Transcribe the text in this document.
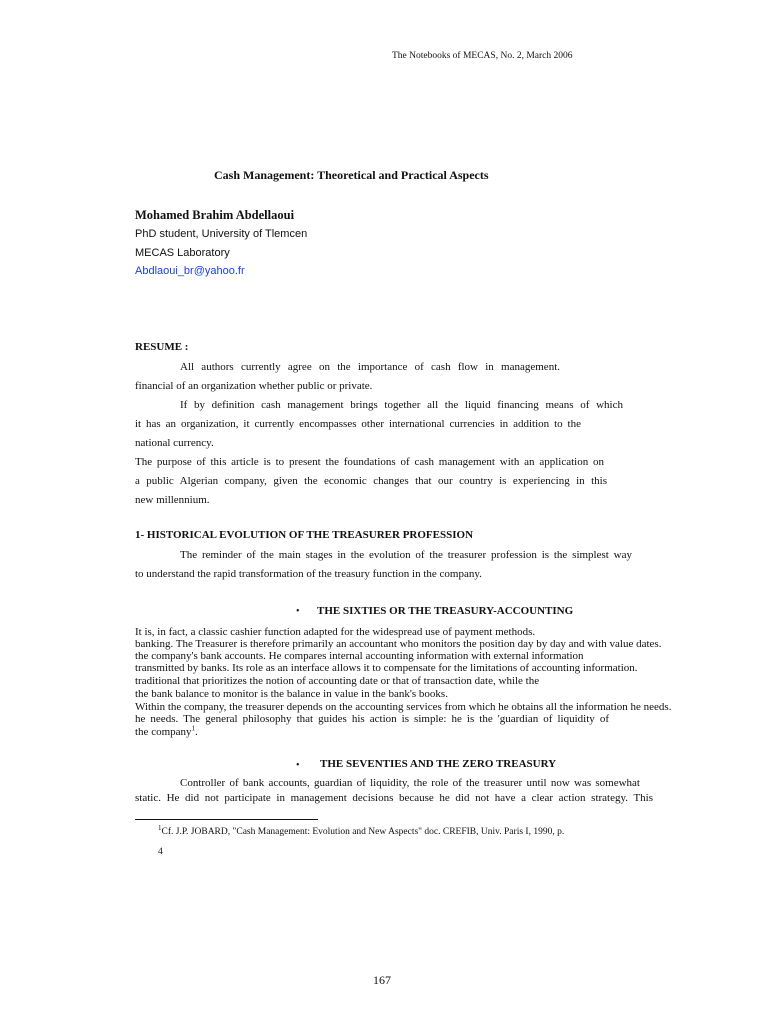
The Notebooks of MECAS, No. 2, March 2006
Cash Management: Theoretical and Practical Aspects
Mohamed Brahim Abdellaoui
PhD student, University of Tlemcen
MECAS Laboratory
Abdlaoui_br@yahoo.fr
RESUME :
All authors currently agree on the importance of cash flow in management.
financial of an organization whether public or private.
If by definition cash management brings together all the liquid financing means of which
it has an organization, it currently encompasses other international currencies in addition to the
national currency.
The purpose of this article is to present the foundations of cash management with an application on
a public Algerian company, given the economic changes that our country is experiencing in this
new millennium.
1- HISTORICAL EVOLUTION OF THE TREASURER PROFESSION
The reminder of the main stages in the evolution of the treasurer profession is the simplest way
to understand the rapid transformation of the treasury function in the company.
• THE SIXTIES OR THE TREASURY-ACCOUNTING
It is, in fact, a classic cashier function adapted for the widespread use of payment methods.
banking. The Treasurer is therefore primarily an accountant who monitors the position day by day and with value dates.
the company's bank accounts. He compares internal accounting information with external information
transmitted by banks. Its role as an interface allows it to compensate for the limitations of accounting information.
traditional that prioritizes the notion of accounting date or that of transaction date, while the
the bank balance to monitor is the balance in value in the bank's books.
Within the company, the treasurer depends on the accounting services from which he obtains all the information he needs.
he needs. The general philosophy that guides his action is simple: he is the 'guardian of liquidity of
the company$^1$.
• THE SEVENTIES AND THE ZERO TREASURY
Controller of bank accounts, guardian of liquidity, the role of the treasurer until now was somewhat
static. He did not participate in management decisions because he did not have a clear action strategy. This
$^1$Cf. J.P. JOBARD, "Cash Management: Evolution and New Aspects" doc. CREFIB, Univ. Paris I, 1990, p.
4
167
